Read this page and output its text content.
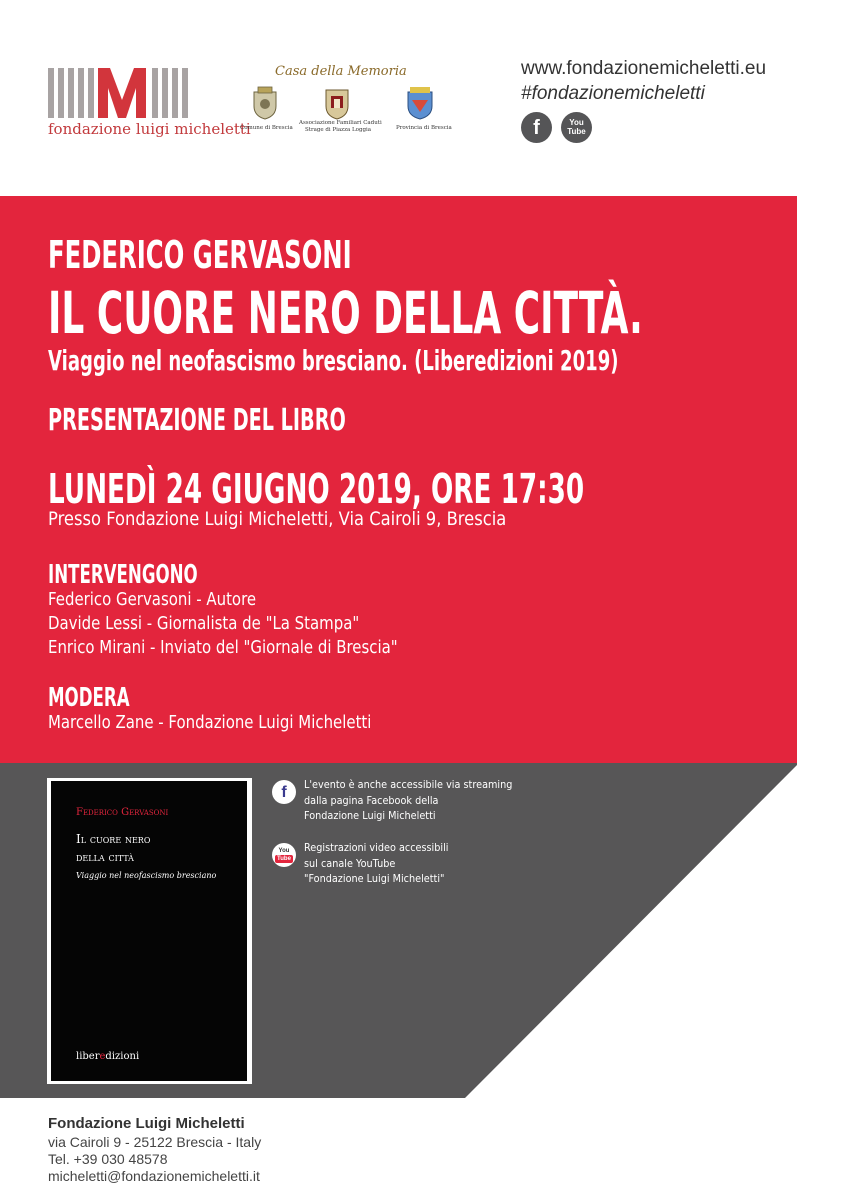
fondazione luigi micheletti
Casa della Memoria
Comune di Brescia
Associazione Familiari Caduti
Strage di Piazza Loggia	Provincia di Brescia
www.fondazionemicheletti.eu
#fondazionemicheletti
f	You
Tube
FEDERICO GERVASONI
IL CUORE NERO DELLA CITTÀ.
Viaggio nel neofascismo bresciano. (Liberedizioni 2019)
PRESENTAZIONE DEL LIBRO
LUNEDÌ 24 GIUGNO 2019, ORE 17:30
Presso Fondazione Luigi Micheletti, Via Cairoli 9, Brescia
INTERVENGONO
Federico Gervasoni - Autore
Davide Lessi - Giornalista de "La Stampa"
Enrico Mirani - Inviato del "Giornale di Brescia"
MODERA
Marcello Zane - Fondazione Luigi Micheletti
Federico Gervasoni
Il cuore nero
della città
Viaggio nel neofascismo bresciano
liberedizioni
f	L'evento è anche accessibile via streaming
dalla pagina Facebook della
Fondazione Luigi Micheletti
You
Tube
Registrazioni video accessibili
sul canale YouTube
"Fondazione Luigi Micheletti"
Fondazione Luigi Micheletti
via Cairoli 9 - 25122 Brescia - Italy
Tel. +39 030 48578
micheletti@fondazionemicheletti.it
